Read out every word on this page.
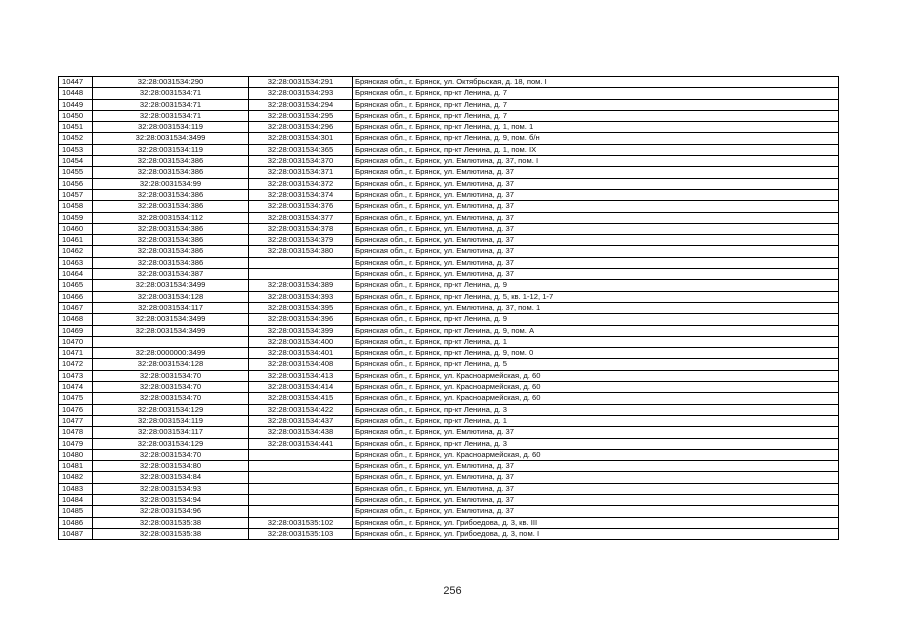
10447	32:28:0031534:290	32:28:0031534:291	Брянская обл., г. Брянск, ул. Октябрьская, д. 18, пом. I
10448	32:28:0031534:71	32:28:0031534:293	Брянская обл., г. Брянск, пр-кт Ленина, д. 7
10449	32:28:0031534:71	32:28:0031534:294	Брянская обл., г. Брянск, пр-кт Ленина, д. 7
10450	32:28:0031534:71	32:28:0031534:295	Брянская обл., г. Брянск, пр-кт Ленина, д. 7
10451	32:28:0031534:119	32:28:0031534:296	Брянская обл., г. Брянск, пр-кт Ленина, д. 1, пом. 1
10452	32:28:0031534:3499	32:28:0031534:301	Брянская обл., г. Брянск, пр-кт Ленина, д. 9, пом. б/н
10453	32:28:0031534:119	32:28:0031534:365	Брянская обл., г. Брянск, пр-кт Ленина, д. 1, пом. IX
10454	32:28:0031534:386	32:28:0031534:370	Брянская обл., г. Брянск, ул. Емлютина, д. 37, пом. I
10455	32:28:0031534:386	32:28:0031534:371	Брянская обл., г. Брянск, ул. Емлютина, д. 37
10456	32:28:0031534:99	32:28:0031534:372	Брянская обл., г. Брянск, ул. Емлютина, д. 37
10457	32:28:0031534:386	32:28:0031534:374	Брянская обл., г. Брянск, ул. Емлютина, д. 37
10458	32:28:0031534:386	32:28:0031534:376	Брянская обл., г. Брянск, ул. Емлютина, д. 37
10459	32:28:0031534:112	32:28:0031534:377	Брянская обл., г. Брянск, ул. Емлютина, д. 37
10460	32:28:0031534:386	32:28:0031534:378	Брянская обл., г. Брянск, ул. Емлютина, д. 37
10461	32:28:0031534:386	32:28:0031534:379	Брянская обл., г. Брянск, ул. Емлютина, д. 37
10462	32:28:0031534:386	32:28:0031534:380	Брянская обл., г. Брянск, ул. Емлютина, д. 37
10463	32:28:0031534:386		Брянская обл., г. Брянск, ул. Емлютина, д. 37
10464	32:28:0031534:387		Брянская обл., г. Брянск, ул. Емлютина, д. 37
10465	32:28:0031534:3499	32:28:0031534:389	Брянская обл., г. Брянск, пр-кт Ленина, д. 9
10466	32:28:0031534:128	32:28:0031534:393	Брянская обл., г. Брянск, пр-кт Ленина, д. 5, кв. 1-12, 1-7
10467	32:28:0031534:117	32:28:0031534:395	Брянская обл., г. Брянск, ул. Емлютина, д. 37, пом. 1
10468	32:28:0031534:3499	32:28:0031534:396	Брянская обл., г. Брянск, пр-кт Ленина, д. 9
10469	32:28:0031534:3499	32:28:0031534:399	Брянская обл., г. Брянск, пр-кт Ленина, д. 9, пом. А
10470		32:28:0031534:400	Брянская обл., г. Брянск, пр-кт Ленина, д. 1
10471	32:28:0000000:3499	32:28:0031534:401	Брянская обл., г. Брянск, пр-кт Ленина, д. 9, пом. 0
10472	32:28:0031534:128	32:28:0031534:408	Брянская обл., г. Брянск, пр-кт Ленина, д. 5
10473	32:28:0031534:70	32:28:0031534:413	Брянская обл., г. Брянск, ул. Красноармейская, д. 60
10474	32:28:0031534:70	32:28:0031534:414	Брянская обл., г. Брянск, ул. Красноармейская, д. 60
10475	32:28:0031534:70	32:28:0031534:415	Брянская обл., г. Брянск, ул. Красноармейская, д. 60
10476	32:28:0031534:129	32:28:0031534:422	Брянская обл., г. Брянск, пр-кт Ленина, д. 3
10477	32:28:0031534:119	32:28:0031534:437	Брянская обл., г. Брянск, пр-кт Ленина, д. 1
10478	32:28:0031534:117	32:28:0031534:438	Брянская обл., г. Брянск, ул. Емлютина, д. 37
10479	32:28:0031534:129	32:28:0031534:441	Брянская обл., г. Брянск, пр-кт Ленина, д. 3
10480	32:28:0031534:70		Брянская обл., г. Брянск, ул. Красноармейская, д. 60
10481	32:28:0031534:80		Брянская обл., г. Брянск, ул. Емлютина, д. 37
10482	32:28:0031534:84		Брянская обл., г. Брянск, ул. Емлютина, д. 37
10483	32:28:0031534:93		Брянская обл., г. Брянск, ул. Емлютина, д. 37
10484	32:28:0031534:94		Брянская обл., г. Брянск, ул. Емлютина, д. 37
10485	32:28:0031534:96		Брянская обл., г. Брянск, ул. Емлютина, д. 37
10486	32:28:0031535:38	32:28:0031535:102	Брянская обл., г. Брянск, ул. Грибоедова, д. 3, кв. III
10487	32:28:0031535:38	32:28:0031535:103	Брянская обл., г. Брянск, ул. Грибоедова, д. 3, пом. I
256
